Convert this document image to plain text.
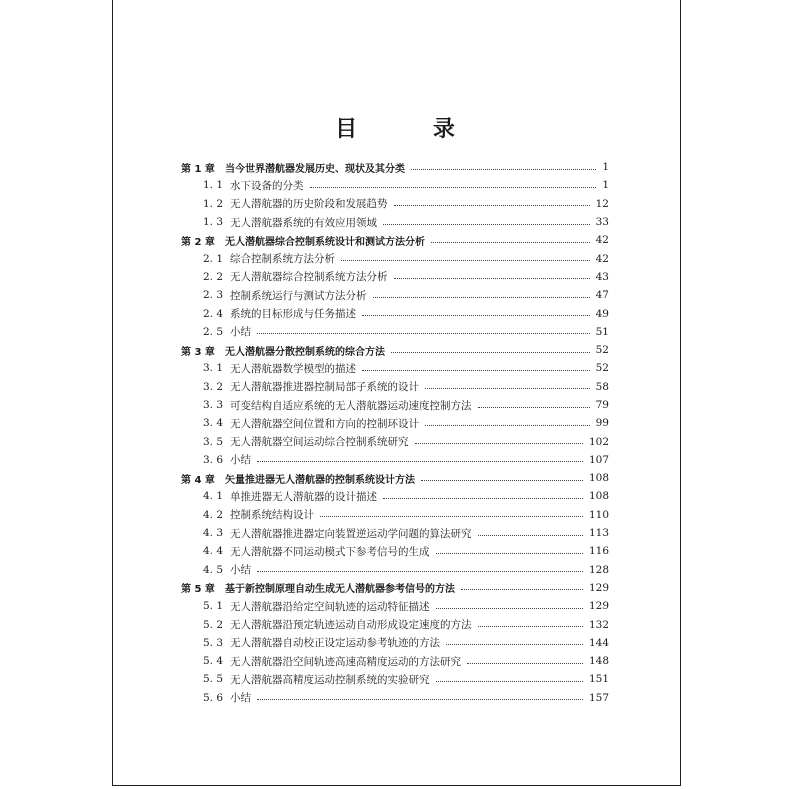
目 录
第 1 章	当今世界潜航器发展历史、现状及其分类	1
1. 1 水下设备的分类	1
1. 2 无人潜航器的历史阶段和发展趋势	12
1. 3 无人潜航器系统的有效应用领域	33
第 2 章	无人潜航器综合控制系统设计和测试方法分析	42
2. 1 综合控制系统方法分析	42
2. 2 无人潜航器综合控制系统方法分析	43
2. 3 控制系统运行与测试方法分析	47
2. 4 系统的目标形成与任务描述	49
2. 5 小结	51
第 3 章	无人潜航器分散控制系统的综合方法	52
3. 1 无人潜航器数学模型的描述	52
3. 2 无人潜航器推进器控制局部子系统的设计	58
3. 3 可变结构自适应系统的无人潜航器运动速度控制方法	79
3. 4 无人潜航器空间位置和方向的控制环设计	99
3. 5 无人潜航器空间运动综合控制系统研究	102
3. 6 小结	107
第 4 章	矢量推进器无人潜航器的控制系统设计方法	108
4. 1 单推进器无人潜航器的设计描述	108
4. 2 控制系统结构设计	110
4. 3 无人潜航器推进器定向装置逆运动学问题的算法研究	113
4. 4 无人潜航器不同运动模式下参考信号的生成	116
4. 5 小结	128
第 5 章	基于新控制原理自动生成无人潜航器参考信号的方法	129
5. 1 无人潜航器沿给定空间轨迹的运动特征描述	129
5. 2 无人潜航器沿预定轨迹运动自动形成设定速度的方法	132
5. 3 无人潜航器自动校正设定运动参考轨迹的方法	144
5. 4 无人潜航器沿空间轨迹高速高精度运动的方法研究	148
5. 5 无人潜航器高精度运动控制系统的实验研究	151
5. 6 小结	157
